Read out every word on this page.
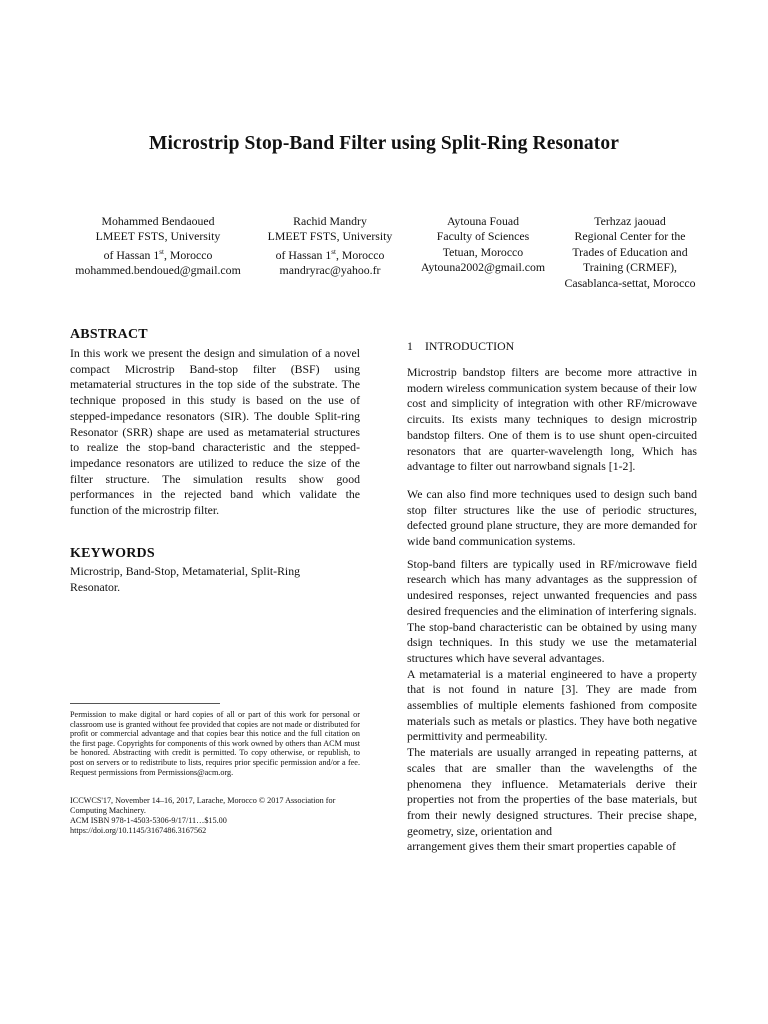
Microstrip Stop-Band Filter using Split-Ring Resonator
Mohammed Bendaoued
LMEET FSTS, University
of Hassan 1st, Morocco
mohammed.bendoued@gmail.com
Rachid Mandry
LMEET FSTS, University
of Hassan 1st, Morocco
mandryrac@yahoo.fr
Aytouna Fouad
Faculty of Sciences
Tetuan, Morocco
Aytouna2002@gmail.com
Terhzaz jaouad
Regional Center for the
Trades of Education and
Training (CRMEF),
Casablanca-settat, Morocco
ABSTRACT
In this work we present the design and simulation of a novel compact Microstrip Band-stop filter (BSF) using metamaterial structures in the top side of the substrate. The technique proposed in this study is based on the use of stepped-impedance resonators (SIR). The double Split-ring Resonator (SRR) shape are used as metamaterial structures to realize the stop-band characteristic and the stepped-impedance resonators are utilized to reduce the size of the filter structure. The simulation results show good performances in the rejected band which validate the function of the microstrip filter.
KEYWORDS
Microstrip, Band-Stop, Metamaterial, Split-Ring Resonator.
Permission to make digital or hard copies of all or part of this work for personal or classroom use is granted without fee provided that copies are not made or distributed for profit or commercial advantage and that copies bear this notice and the full citation on the first page. Copyrights for components of this work owned by others than ACM must be honored. Abstracting with credit is permitted. To copy otherwise, or republish, to post on servers or to redistribute to lists, requires prior specific permission and/or a fee. Request permissions from Permissions@acm.org.
ICCWCS'17, November 14–16, 2017, Larache, Morocco © 2017 Association for
Computing Machinery.
ACM ISBN 978-1-4503-5306-9/17/11…$15.00
https://doi.org/10.1145/3167486.3167562
1 INTRODUCTION

Microstrip bandstop filters are become more attractive in modern wireless communication system because of their low cost and simplicity of integration with other RF/microwave circuits. Its exists many techniques to design microstrip bandstop filters. One of them is to use shunt open-circuited resonators that are quarter-wavelength long, Which has advantage to filter out narrowband signals [1-2].

We can also find more techniques used to design such band stop filter structures like the use of periodic structures, defected ground plane structure, they are more demanded for wide band communication systems.

Stop-band filters are typically used in RF/microwave field research which has many advantages as the suppression of undesired responses, reject unwanted frequencies and pass desired frequencies and the elimination of interfering signals.

The stop-band characteristic can be obtained by using many dsign techniques. In this study we use the metamaterial structures which have several advantages.

A metamaterial is a material engineered to have a property that is not found in nature [3]. They are made from assemblies of multiple elements fashioned from composite materials such as metals or plastics. They have both negative permittivity and permeability.

The materials are usually arranged in repeating patterns, at scales that are smaller than the wavelengths of the phenomena they influence. Metamaterials derive their properties not from the properties of the base materials, but from their newly designed structures. Their precise shape, geometry, size, orientation and

arrangement gives them their smart properties capable of
